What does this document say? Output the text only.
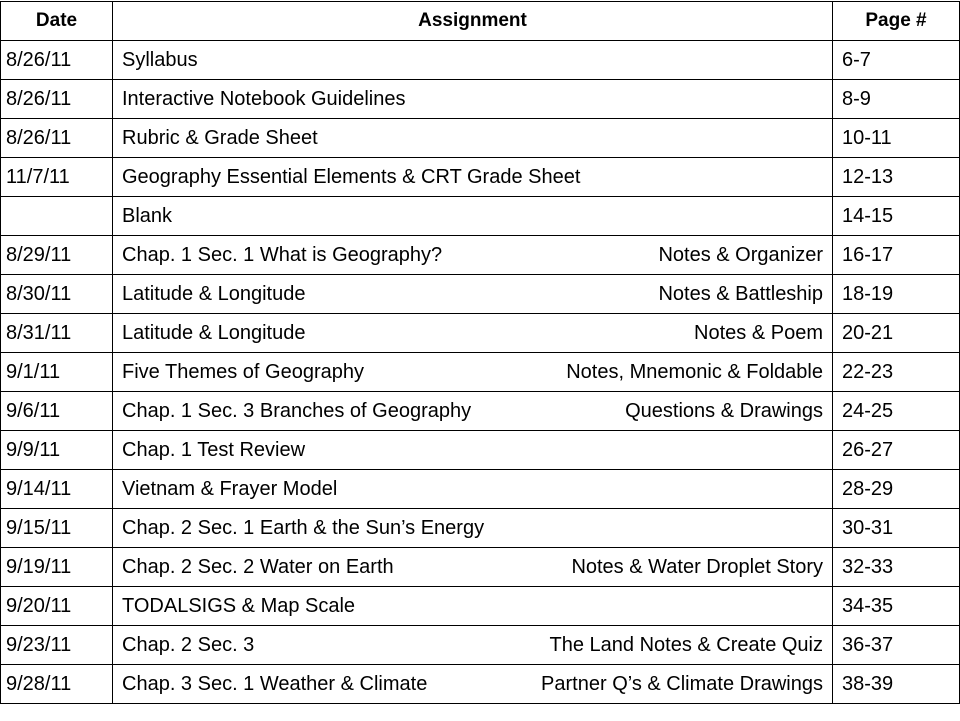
Date	Assignment	Page #
8/26/11	Syllabus	6-7
8/26/11	Interactive Notebook Guidelines	8-9
8/26/11	Rubric & Grade Sheet	10-11
11/7/11	Geography Essential Elements & CRT Grade Sheet	12-13

	Blank	14-15
8/29/11	Chap. 1 Sec. 1 What is Geography? Notes & Organizer	16-17
8/30/11	Latitude & Longitude Notes & Battleship	18-19
8/31/11	Latitude & Longitude Notes & Poem	20-21
9/1/11	Five Themes of Geography Notes, Mnemonic & Foldable	22-23
9/6/11	Chap. 1 Sec. 3 Branches of Geography Questions & Drawings	24-25
9/9/11	Chap. 1 Test Review	26-27
9/14/11	Vietnam & Frayer Model	28-29
9/15/11	Chap. 2 Sec. 1 Earth & the Sun’s Energy	30-31
9/19/11	Chap. 2 Sec. 2 Water on Earth Notes & Water Droplet Story	32-33
9/20/11	TODALSIGS & Map Scale	34-35
9/23/11	Chap. 2 Sec. 3 The Land Notes & Create Quiz	36-37
9/28/11	Chap. 3 Sec. 1 Weather & Climate Partner Q’s & Climate Drawings	38-39
